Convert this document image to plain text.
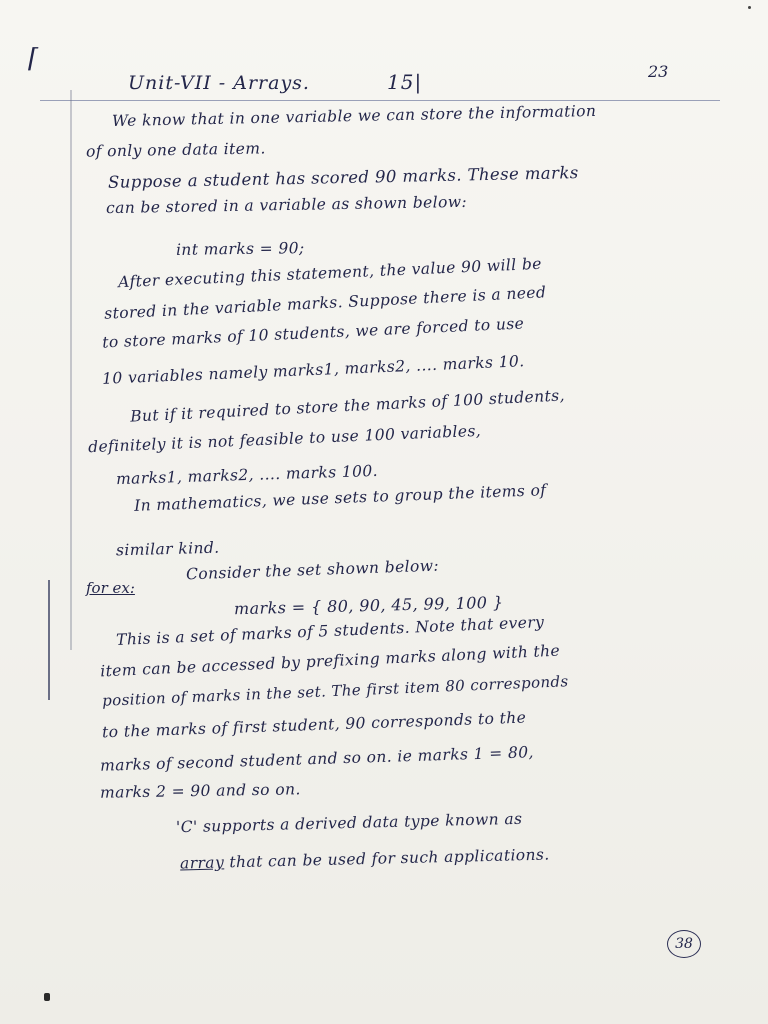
⌈
Unit-VII - Arrays.	15|	23
We know that in one variable we can store the information
of only one data item.
Suppose a student has scored 90 marks. These marks
can be stored in a variable as shown below:
int marks = 90;
After executing this statement, the value 90 will be
stored in the variable marks. Suppose there is a need
to store marks of 10 students, we are forced to use
10 variables namely marks1, marks2, .... marks 10.
But if it required to store the marks of 100 students,
definitely it is not feasible to use 100 variables,
marks1, marks2, .... marks 100.
In mathematics, we use sets to group the items of
similar kind.
for ex:
Consider the set shown below:
marks = { 80, 90, 45, 99, 100 }
This is a set of marks of 5 students. Note that every
item can be accessed by prefixing marks along with the
position of marks in the set. The first item 80 corresponds
to the marks of first student, 90 corresponds to the
marks of second student and so on. ie marks 1 = 80,
marks 2 = 90 and so on.
'C' supports a derived data type known as
array that can be used for such applications.
38
